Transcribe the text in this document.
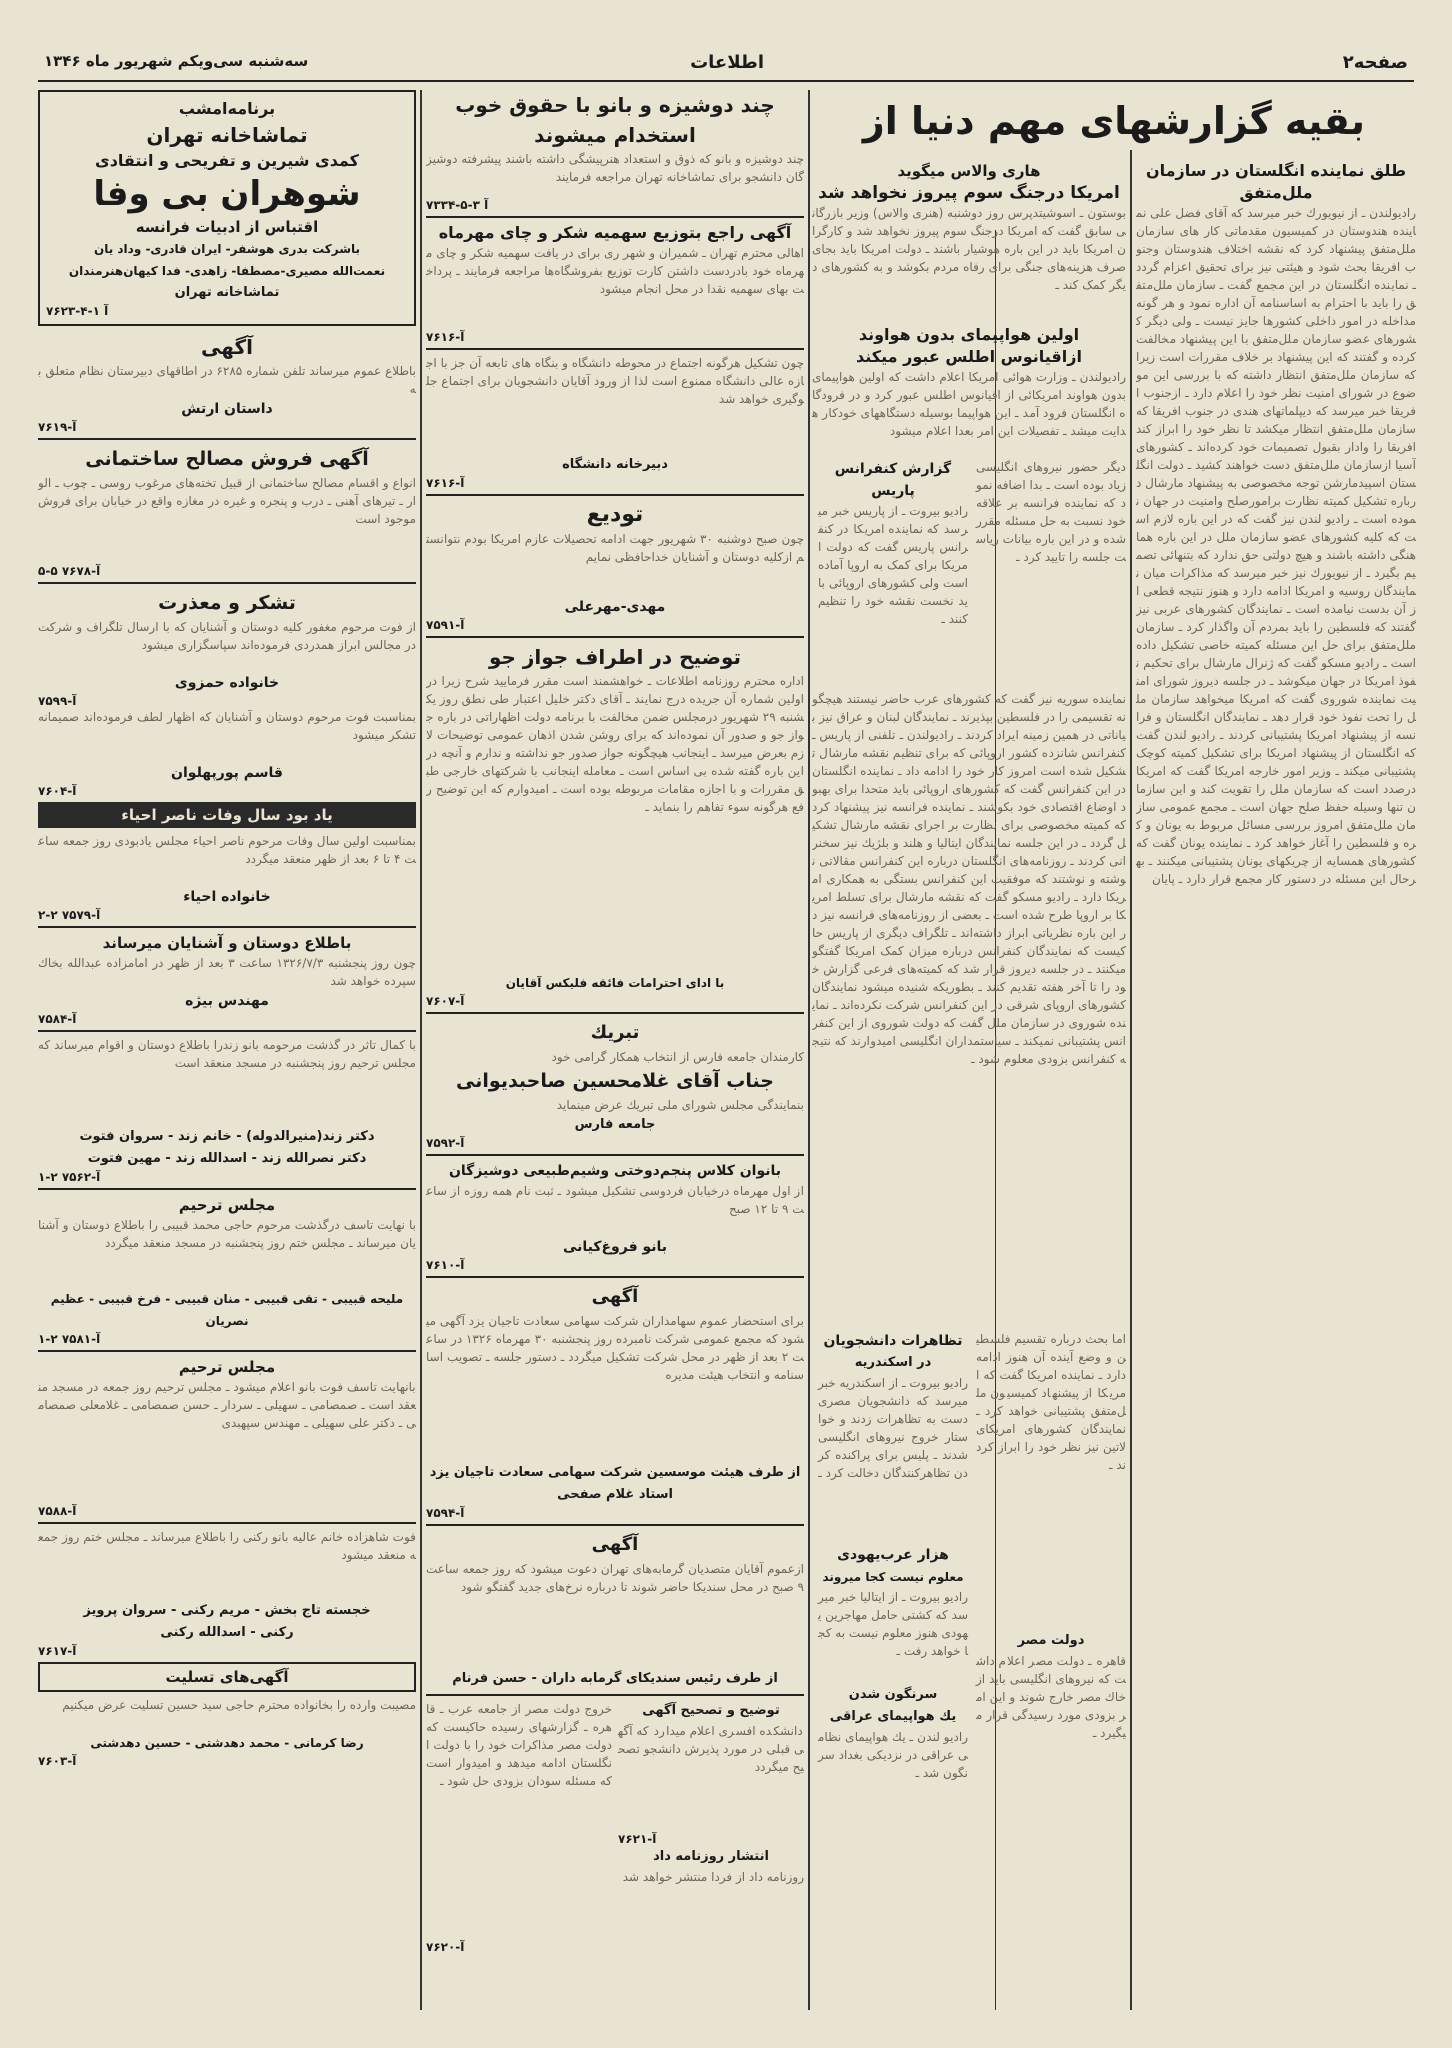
صفحه۲
اطلاعات
سه‌شنبه سی‌ویکم شهریور ماه ۱۳۴۶
بقیه گزارشهای مهم دنیا از
طلق نماینده انگلستان در سازمان ملل‌متفق
رادیولندن ـ از نیویورك خبر میرسد که آقای فضل علی نماینده هندوستان در کمیسیون مقدماتی کار های سازمان ملل‌متفق پیشنهاد کرد که نقشه اختلاف هندوستان وجنوب افریقا بحث شود و هیئتی نیز برای تحقیق اعزام گردد ـ نماینده انگلستان در این مجمع گفت ـ سازمان ملل‌متفق را باید با احترام به اساسنامه آن اداره نمود و هر گونه مداخله در امور داخلی کشورها جایز نیست ـ ولی دیگر کشورهای عضو سازمان ملل‌متفق با این پیشنهاد مخالفت کرده و گفتند که این پیشنهاد بر خلاف مقررات است زیرا که سازمان ملل‌متفق انتظار داشته که با بررسی این موضوع در شورای امنیت نظر خود را اعلام دارد ـ ازجنوب افریقا خبر میرسد که دیپلماتهای هندی در جنوب افریقا که سازمان ملل‌متفق انتظار میکشد تا نظر خود را ابراز کند افریقا را وادار بقبول تصمیمات خود کرده‌اند ـ کشورهای آسیا ازسازمان ملل‌متفق دست خواهند کشید ـ دولت انگلستان اسپیدمارشن توجه مخصوصی به پیشنهاد مارشال درباره تشکیل کمیته نظارت برامورصلح وامنیت در جهان نموده است ـ رادیو لندن نیز گفت که در این باره لازم است که کلیه کشورهای عضو سازمان ملل در این باره هماهنگی داشته باشند و هیچ دولتی حق ندارد که بتنهائی تصمیم بگیرد ـ از نیویورك نیز خبر میرسد که مذاکرات میان نمایندگان روسیه و امریکا ادامه دارد و هنوز نتیجه قطعی از آن بدست نیامده است ـ نمایندگان کشورهای عربی نیز گفتند که فلسطین را باید بمردم آن واگذار کرد ـ سازمان ملل‌متفق برای حل این مسئله کمیته خاصی تشکیل داده است ـ رادیو مسکو گفت که ژنرال مارشال برای تحکیم نفوذ امریکا در جهان میکوشد ـ در جلسه دیروز شورای امنیت نماینده شوروی گفت که امریکا میخواهد سازمان ملل را تحت نفوذ خود قرار دهد ـ نمایندگان انگلستان و فرانسه از پیشنهاد امریکا پشتیبانی کردند ـ رادیو لندن گفت که انگلستان از پیشنهاد امریکا برای تشکیل کمیته کوچک پشتیبانی میکند ـ وزیر امور خارجه امریکا گفت که امریکا درصدد است که سازمان ملل را تقویت کند و این سازمان تنها وسیله حفظ صلح جهان است ـ مجمع عمومی سازمان ملل‌متفق امروز بررسی مسائل مربوط به یونان و کره و فلسطین را آغاز خواهد کرد ـ نماینده یونان گفت که کشورهای همسایه از چریکهای یونان پشتیبانی میکنند ـ بهرحال این مسئله در دستور کار مجمع قرار دارد ـ پایان
هاری والاس میگوید
امریکا درجنگ سوم پیروز نخواهد شد
بوستون ـ اسوشیتدپرس روز دوشنبه (هنری والاس) وزیر بازرگانی سابق گفت که امریکا درجنگ سوم پیروز نخواهد شد و کارگران امریکا باید در این باره هوشیار باشند ـ دولت امریکا باید بجای صرف هزینه‌های جنگی برای رفاه مردم بکوشد و به کشورهای دیگر کمک کند ـ
اولین هواپیمای بدون هواوند
ازاقیانوس اطلس عبور میکند
رادیولندن ـ وزارت هوائی امریکا اعلام داشت که اولین هواپیمای بدون هواوند امریکائی از اقیانوس اطلس عبور کرد و در فرودگاه انگلستان فرود آمد ـ این هواپیما بوسیله دستگاههای خودکار هدایت میشد ـ تفصیلات این امر بعدا اعلام میشود
دیگر حضور نیروهای انگلیسی زیاد بوده است ـ بدا اضافه نمود که نماینده فرانسه بر علاقه خود نسبت به حل مسئله مقرر شده و در این باره بیانات ریاست جلسه را تایید کرد ـ
گزارش کنفرانس پاریس
رادیو بیروت ـ از پاریس خبر میرسد که نماینده امریکا در کنفرانس پاریس گفت که دولت امریکا برای کمک به اروپا آماده است ولی کشورهای اروپائی باید نخست نقشه خود را تنظیم کنند ـ
نماینده سوریه نیز گفت که کشورهای عرب حاضر نیستند هیچگونه تقسیمی را در فلسطین بپذیرند ـ نمایندگان لبنان و عراق نیز بیاناتی در همین زمینه ایراد کردند ـ رادیولندن ـ تلفنی از پاریس ـ کنفرانس شانزده کشور اروپائی که برای تنظیم نقشه مارشال تشکیل شده است امروز کار خود را ادامه داد ـ نماینده انگلستان در این کنفرانس گفت که کشورهای اروپائی باید متحدا برای بهبود اوضاع اقتصادی خود بکوشند ـ نماینده فرانسه نیز پیشنهاد کرد که کمیته مخصوصی برای نظارت بر اجرای نقشه مارشال تشکیل گردد ـ در این جلسه نمایندگان ایتالیا و هلند و بلژیك نیز سخنرانی کردند ـ روزنامه‌های انگلستان درباره این کنفرانس مقالاتی نوشته و نوشتند که موفقیت این کنفرانس بستگی به همکاری امریکا دارد ـ رادیو مسکو گفت که نقشه مارشال برای تسلط امریکا بر اروپا طرح شده است ـ بعضی از روزنامه‌های فرانسه نیز در این باره نظریاتی ابراز داشته‌اند ـ تلگراف دیگری از پاریس حاکیست که نمایندگان کنفرانس درباره میزان کمک امریکا گفتگو میکنند ـ در جلسه دیروز قرار شد که کمیته‌های فرعی گزارش خود را تا آخر هفته تقدیم کنند ـ بطوریکه شنیده میشود نمایندگان کشورهای اروپای شرقی در این کنفرانس شرکت نکرده‌اند ـ نماینده شوروی در سازمان ملل گفت که دولت شوروی از این کنفرانس پشتیبانی نمیکند ـ سیاستمداران انگلیسی امیدوارند که نتیجه کنفرانس بزودی معلوم شود ـ
اما بحث درباره تقسیم فلسطین و وضع آینده آن هنوز ادامه دارد ـ نماینده امریکا گفت که امریکا از پیشنهاد کمیسیون ملل‌متفق پشتیبانی خواهد کرد ـ نمایندگان کشورهای امریکای لاتین نیز نظر خود را ابراز کردند ـ
دولت مصر
قاهره ـ دولت مصر اعلام داشت که نیروهای انگلیسی باید از خاك مصر خارج شوند و این امر بزودی مورد رسیدگی قرار میگیرد ـ
تظاهرات دانشجویان
در اسکندریه
رادیو بیروت ـ از اسکندریه خبر میرسد که دانشجویان مصری دست به تظاهرات زدند و خواستار خروج نیروهای انگلیسی شدند ـ پلیس برای پراکنده کردن تظاهرکنندگان دخالت کرد ـ
هزار عرب‌یهودی
معلوم نیست کجا میروند
رادیو بیروت ـ از ایتالیا خبر میرسد که کشتی حامل مهاجرین یهودی هنوز معلوم نیست به کجا خواهد رفت ـ
سرنگون شدن
یك هواپیمای عراقی
رادیو لندن ـ یك هواپیمای نظامی عراقی در نزدیکی بغداد سرنگون شد ـ
چند دوشیزه و بانو با حقوق خوب
استخدام میشوند
چند دوشیزه و بانو که ذوق و استعداد هنرپیشگی داشته باشند پیشرفته دوشیزگان دانشجو برای تماشاخانه تهران مراجعه فرمایند
۷۳۳۴-آ ۳-۵
آگهی راجع بتوزیع سهمیه شکر و چای مهرماه
اهالی محترم تهران ـ شمیران و شهر ری برای در یافت سهمیه شکر و چای مهرماه خود بادردست داشتن کارت توزیع بفروشگاه‌ها مراجعه فرمایند ـ پرداخت بهای سهمیه نقدا در محل انجام میشود
آ-۷۶۱۶
چون تشکیل هرگونه اجتماع در محوطه دانشگاه و بنگاه های تابعه آن جز با اجازه عالی دانشگاه ممنوع است لذا از ورود آقایان دانشجویان برای اجتماع جلوگیری خواهد شد
دبیرخانه دانشگاه
آ-۷۶۱۶
تودیع
چون صبح دوشنبه ۳۰ شهریور جهت ادامه تحصیلات عازم امریکا بودم نتوانستم ازکلیه دوستان و آشنایان خداحافظی نمایم
مهدی-مهرعلی
آ-۷۵۹۱
توضیح در اطراف جواز جو
اداره محترم روزنامه اطلاعات ـ خواهشمند است مقرر فرمایید شرح زیرا در اولین شماره آن جریده درج نمایند ـ آقای دکتر خلیل اعتبار طی نطق روز یکشنبه ۲۹ شهریور درمجلس ضمن مخالفت با برنامه دولت اظهاراتی در باره جواز جو و صدور آن نموده‌اند که برای روشن شدن اذهان عمومی توضیحات لازم بعرض میرسد ـ اینجانب هیچگونه جواز صدور جو نداشته و ندارم و آنچه در این باره گفته شده بی اساس است ـ معامله اینجانب با شرکتهای خارجی طبق مقررات و با اجازه مقامات مربوطه بوده است ـ امیدوارم که این توضیح رفع هرگونه سوء تفاهم را بنماید ـ
با ادای احترامات فائقه فلیکس آقایان
آ-۷۶۰۷
تبریك
کارمندان جامعه فارس از انتخاب همکار گرامی خود
جناب آقای غلامحسین صاحبدیوانی
بنمایندگی مجلس شورای ملی تبریك عرض مینماید
جامعه فارس
آ-۷۵۹۲
بانوان کلاس پنجم‌دوختی وشیم‌طبیعی دوشیزگان
از اول مهرماه درخیابان فردوسی تشکیل میشود ـ ثبت نام همه روزه از ساعت ۹ تا ۱۲ صبح
بانو فروغ‌کیانی
آ-۷۶۱۰
آگهی
برای استحضار عموم سهامداران شرکت سهامی سعادت تاجیان یزد آگهی میشود که مجمع عمومی شرکت نامبرده روز پنجشنبه ۳۰ مهرماه ۱۳۲۶ در ساعت ۲ بعد از ظهر در محل شرکت تشکیل میگردد ـ دستور جلسه ـ تصویب اساسنامه و انتخاب هیئت مدیره
از طرف هیئت موسسین شرکت سهامی سعادت تاجیان یزد
استاد غلام صفحی
آ-۷۵۹۴
آگهی
ازعموم آقایان متصدیان گرمابه‌های تهران دعوت میشود که روز جمعه ساعت ۹ صبح در محل سندیکا حاضر شوند تا درباره نرخ‌های جدید گفتگو شود
از طرف رئیس سندیکای گرمابه داران - حسن فرنام
توضیح و تصحیح آگهی
دانشکده افسری اعلام میدارد که آگهی قبلی در مورد پذیرش دانشجو تصحیح میگردد
آ-۷۶۲۱
انتشار روزنامه داد
روزنامه داد از فردا منتشر خواهد شد
خروج دولت مصر از جامعه عرب ـ قاهره ـ گزارشهای رسیده حاکیست که دولت مصر مذاکرات خود را با دولت انگلستان ادامه میدهد و امیدوار است که مسئله سودان بزودی حل شود ـ
آ-۷۶۲۰
برنامه‌امشب
تماشاخانه تهران
کمدی شیرین و تفریحی و انتقادی
شوهران بی وفا
اقتباس از ادبیات فرانسه
باشرکت بدری هوشفر- ایران قادری- وداد یان
نعمت‌الله مصیری-مصطفا- زاهدی- فدا کیهان‌هنرمندان
تماشاخانه تهران
۷۶۲۳-آ ۱-۴
آگهی
باطلاع عموم میرساند تلفن شماره ۶۲۸۵ در اطاقهای دبیرستان نظام متعلق به
داستان ارتش
آ-۷۶۱۹
آگهی فروش مصالح ساختمانی
انواع و اقسام مصالح ساختمانی از قبیل تخته‌های مرغوب روسی ـ چوب ـ الوار ـ تیرهای آهنی ـ درب و پنجره و غیره در مغازه واقع در خیابان برای فروش موجود است
آ-۷۶۷۸ ۵-۵
تشکر و معذرت
از فوت مرحوم مغفور کلیه دوستان و آشنایان که با ارسال تلگراف و شرکت در مجالس ابراز همدردی فرموده‌اند سپاسگزاری میشود
خانواده حمزوی
آ-۷۵۹۹
بمناسبت فوت مرحوم دوستان و آشنایان که اظهار لطف فرموده‌اند صمیمانه تشکر میشود
قاسم پورپهلوان
آ-۷۶۰۴
یاد بود سال وفات ناصر احیاء
بمناسبت اولین سال وفات مرحوم ناصر احیاء مجلس یادبودی روز جمعه ساعت ۴ تا ۶ بعد از ظهر منعقد میگردد
خانواده احیاء
آ-۷۵۷۹ ۲-۲
باطلاع دوستان و آشنایان میرساند
چون روز پنجشنبه ۱۳۲۶/۷/۳ ساعت ۳ بعد از ظهر در امامزاده عبدالله بخاك سپرده خواهد شد
مهندس بیژه
آ-۷۵۸۴
با کمال تاثر در گذشت مرحومه بانو زندرا باطلاع دوستان و اقوام میرساند که مجلس ترحیم روز پنجشنبه در مسجد منعقد است
دکتر زند(منیرالدوله) - خانم زند - سروان فتوت
دکتر نصرالله زند - اسدالله زند - مهین فتوت
آ-۷۵۶۲ ۲-۱
مجلس ترحیم
با نهایت تاسف درگذشت مرحوم حاجی محمد قبیبی را باطلاع دوستان و آشنایان میرساند ـ مجلس ختم روز پنجشنبه در مسجد منعقد میگردد
ملیحه قبیبی - تقی قبیبی - منان قبیبی - فرخ قبیبی - عظیم نصریان
آ-۷۵۸۱ ۲-۱
مجلس ترحیم
بانهایت تاسف فوت بانو اعلام میشود ـ مجلس ترحیم روز جمعه در مسجد منعقد است ـ صمصامی ـ سهیلی ـ سردار ـ حسن صمصامی ـ غلامعلی صمصامی ـ دکتر علی سهیلی ـ مهندس سپهبدی
آ-۷۵۸۸
فوت شاهزاده خانم عالیه بانو رکنی را باطلاع میرساند ـ مجلس ختم روز جمعه منعقد میشود
خجسته تاج بخش - مریم رکنی - سروان پرویز
رکنی - اسدالله رکنی
آ-۷۶۱۷
آگهی‌های تسلیت
مصیبت وارده را بخانواده محترم حاجی سید حسین تسلیت عرض میکنیم
رضا کرمانی - محمد دهدشتی - حسین دهدشتی
آ-۷۶۰۳
